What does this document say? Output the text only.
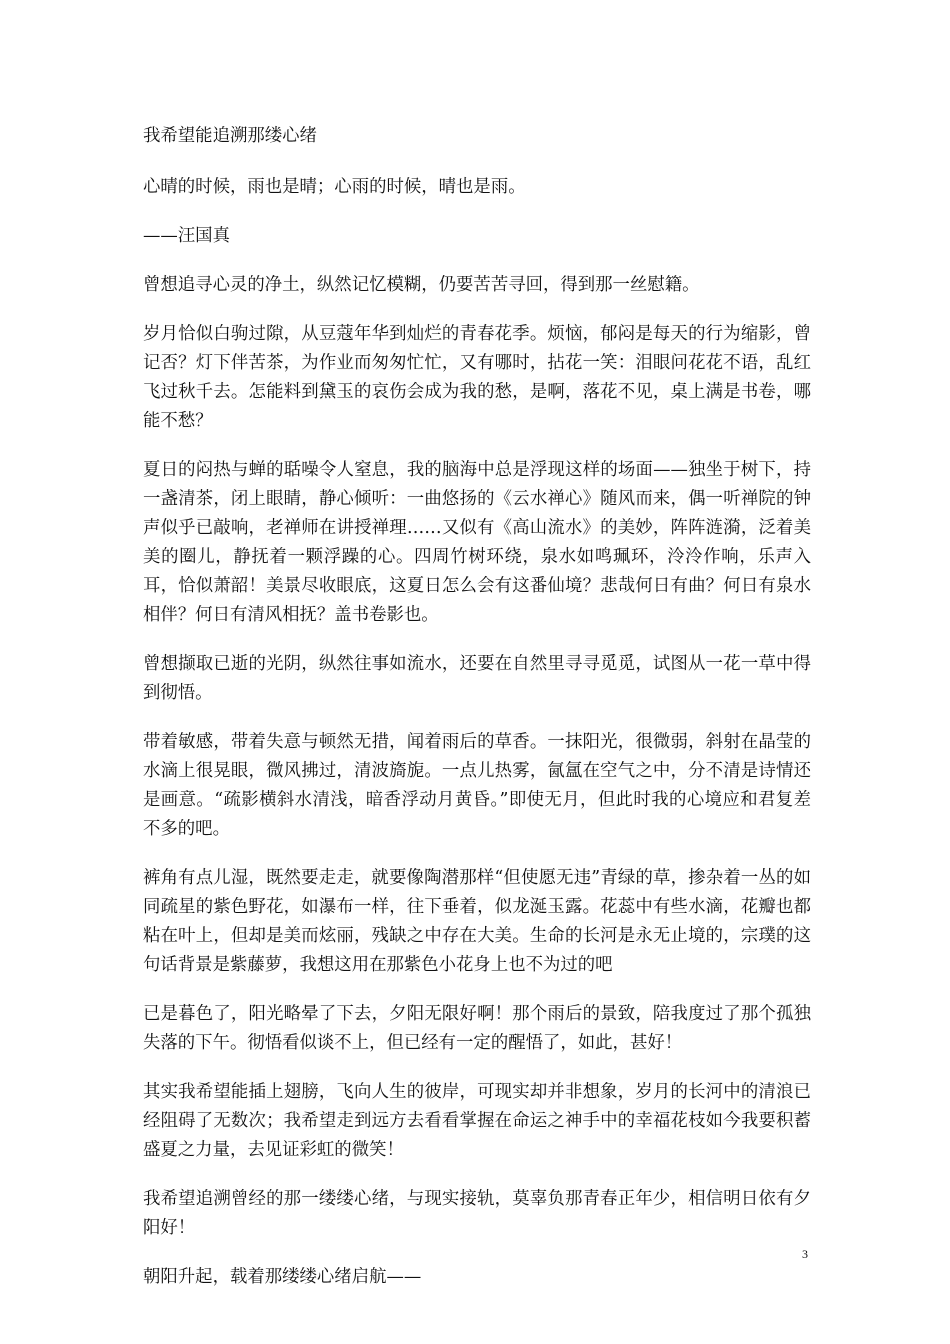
我希望能追溯那缕心绪

心晴的时候，雨也是晴；心雨的时候，晴也是雨。

——汪国真

曾想追寻心灵的净土，纵然记忆模糊，仍要苦苦寻回，得到那一丝慰籍。

岁月恰似白驹过隙，从豆蔻年华到灿烂的青春花季。烦恼，郁闷是每天的行为缩影，曾记否？灯下伴苦茶，为作业而匆匆忙忙，又有哪时，拈花一笑：泪眼问花花不语，乱红飞过秋千去。怎能料到黛玉的哀伤会成为我的愁，是啊，落花不见，桌上满是书卷，哪能不愁？

夏日的闷热与蝉的聒噪令人窒息，我的脑海中总是浮现这样的场面——独坐于树下，持一盏清茶，闭上眼睛，静心倾听：一曲悠扬的《云水禅心》随风而来，偶一听禅院的钟声似乎已敲响，老禅师在讲授禅理……又似有《高山流水》的美妙，阵阵涟漪，泛着美美的圈儿，静抚着一颗浮躁的心。四周竹树环绕，泉水如鸣珮环，泠泠作响，乐声入耳，恰似萧韶！美景尽收眼底，这夏日怎么会有这番仙境？悲哉何日有曲？何日有泉水相伴？何日有清风相抚？盖书卷影也。

曾想撷取已逝的光阴，纵然往事如流水，还要在自然里寻寻觅觅，试图从一花一草中得到彻悟。

带着敏感，带着失意与顿然无措，闻着雨后的草香。一抹阳光，很微弱，斜射在晶莹的水滴上很晃眼，微风拂过，清波旖旎。一点儿热雾，氤氲在空气之中，分不清是诗情还是画意。“疏影横斜水清浅，暗香浮动月黄昏。”即使无月，但此时我的心境应和君复差不多的吧。

裤角有点儿湿，既然要走走，就要像陶潜那样“但使愿无违”青绿的草，掺杂着一丛的如同疏星的紫色野花，如瀑布一样，往下垂着，似龙涎玉露。花蕊中有些水滴，花瓣也都粘在叶上，但却是美而炫丽，残缺之中存在大美。生命的长河是永无止境的，宗璞的这句话背景是紫藤萝，我想这用在那紫色小花身上也不为过的吧

已是暮色了，阳光略晕了下去，夕阳无限好啊！那个雨后的景致，陪我度过了那个孤独失落的下午。彻悟看似谈不上，但已经有一定的醒悟了，如此，甚好！

其实我希望能插上翅膀，飞向人生的彼岸，可现实却并非想象，岁月的长河中的清浪已经阻碍了无数次；我希望走到远方去看看掌握在命运之神手中的幸福花枝如今我要积蓄盛夏之力量，去见证彩虹的微笑！

我希望追溯曾经的那一缕缕心绪，与现实接轨，莫辜负那青春正年少，相信明日依有夕阳好！

朝阳升起，载着那缕缕心绪启航——

3
